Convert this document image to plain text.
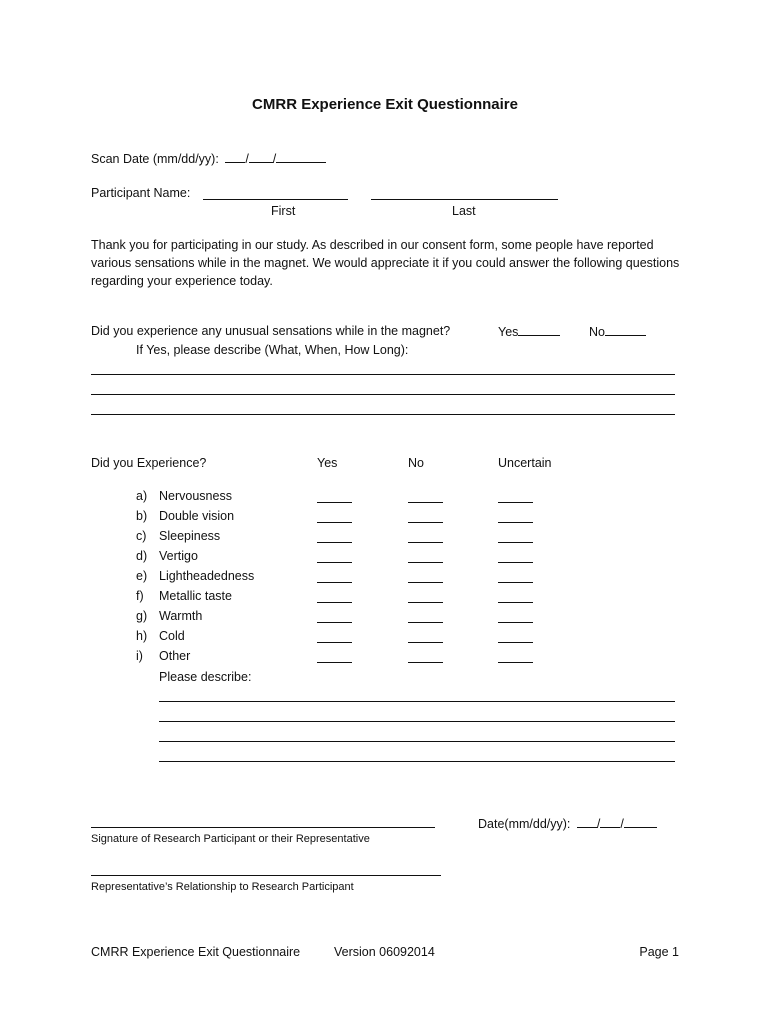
CMRR Experience Exit Questionnaire
Scan Date (mm/dd/yy): / /
Participant Name:
First	Last
Thank you for participating in our study. As described in our consent form, some people have reported various sensations while in the magnet. We would appreciate it if you could answer the following questions regarding your experience today.
Did you experience any unusual sensations while in the magnet?	Yes	No
If Yes, please describe (What, When, How Long):
Did you Experience?	Yes	No	Uncertain
a) Nervousness
b) Double vision
c) Sleepiness
d) Vertigo
e) Lightheadedness
f) Metallic taste
g) Warmth
h) Cold
i) Other
Please describe:
Signature of Research Participant or their Representative
Date(mm/dd/yy): / /
Representative’s Relationship to Research Participant
CMRR Experience Exit Questionnaire	Version 06092014	Page 1
